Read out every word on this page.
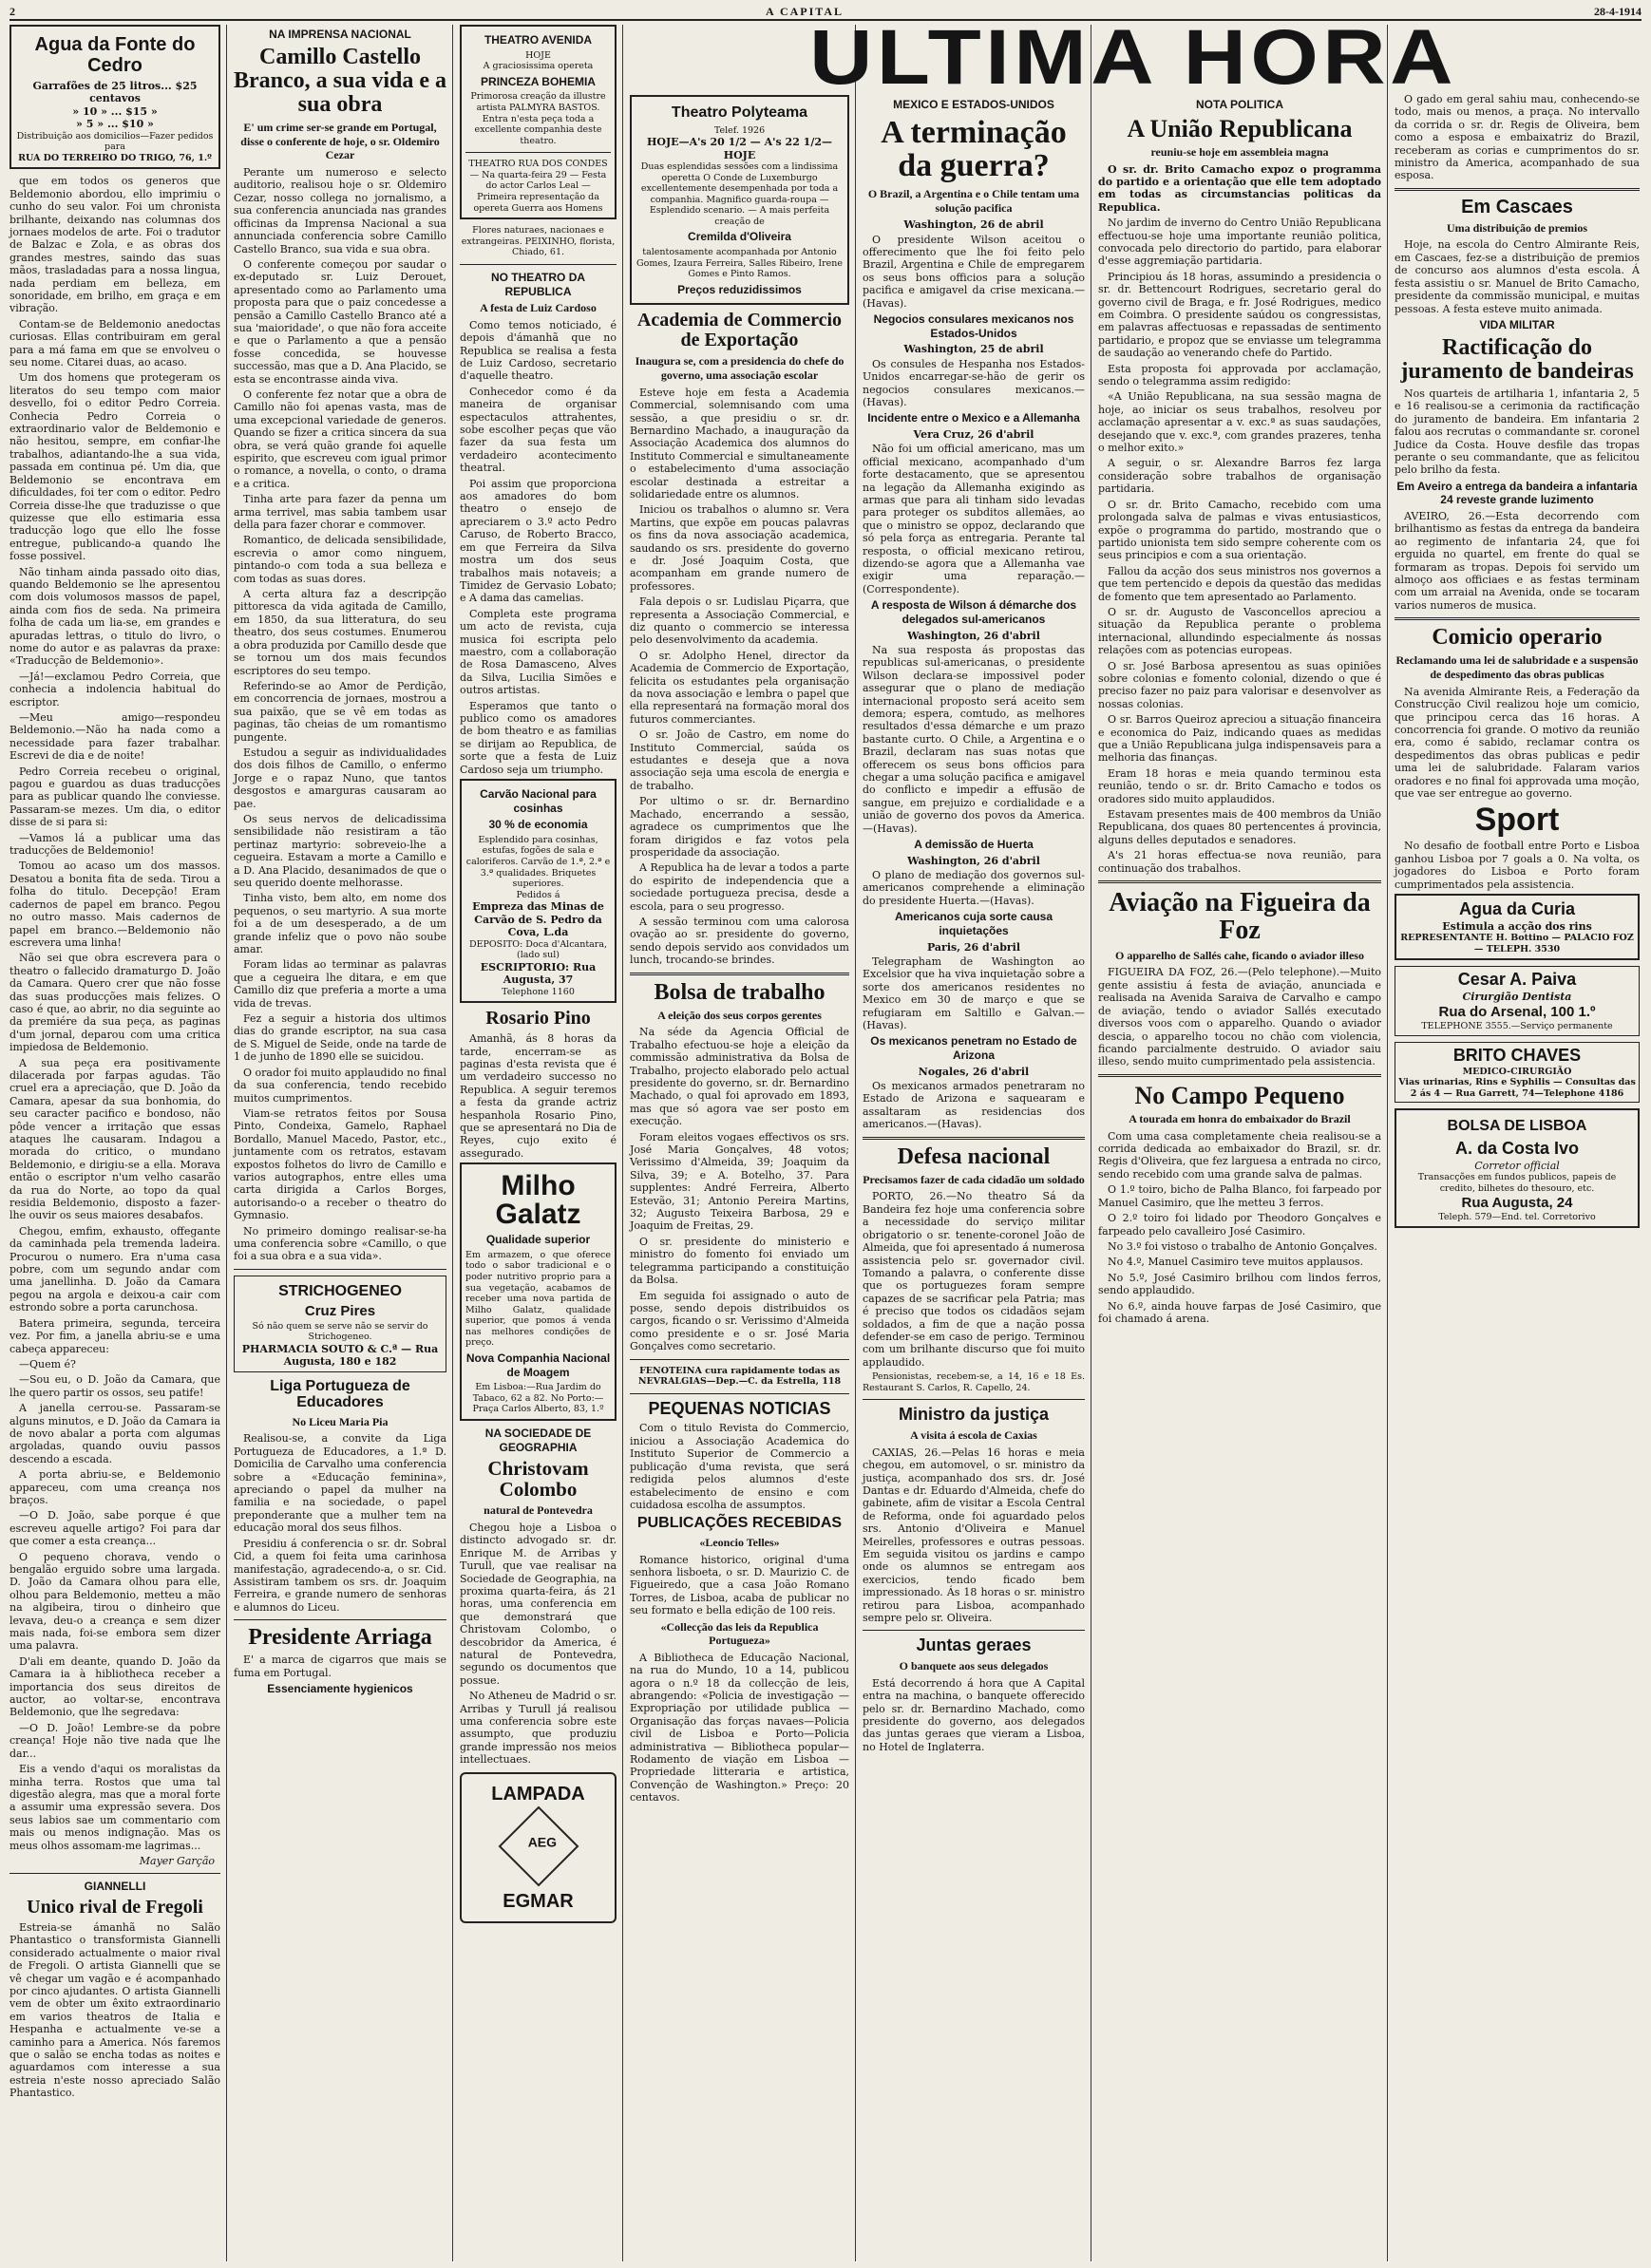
2	A CAPITAL	28-4-1914
Agua da Fonte do Cedro
Garrafões de 25 litros... $25 centavos
» 10 » ... $15 »
» 5 » ... $10 »
Distribuição aos domicilios—Fazer pedidos para
RUA DO TERREIRO DO TRIGO, 76, 1.º

que em todos os generos que Beldemonio abordou, ello imprimiu o cunho do seu valor. Foi um chronista brilhante, deixando nas columnas dos jornaes modelos de arte. Foi o tradutor de Balzac e Zola, e as obras dos grandes mestres, saindo das suas mãos, trasladadas para a nossa lingua, nada perdiam em belleza, em sonoridade, em brilho, em graça e em vibração.

Contam-se de Beldemonio anedoctas curiosas. Ellas contribuiram em geral para a má fama em que se envolveu o seu nome. Citarei duas, ao acaso.

Um dos homens que protegeram os literatos do seu tempo com maior desvello, foi o editor Pedro Correia. Conhecia Pedro Correia o extraordinario valor de Beldemonio e não hesitou, sempre, em confiar-lhe trabalhos, adiantando-lhe a sua vida, passada em continua pé. Um dia, que Beldemonio se encontrava em dificuldades, foi ter com o editor. Pedro Correia disse-lhe que traduzisse o que quizesse que ello estimaria essa traducção logo que ello lhe fosse entregue, publicando-a quando lhe fosse possivel.

Não tinham ainda passado oito dias, quando Beldemonio se lhe apresentou com dois volumosos massos de papel, ainda com fios de seda. Na primeira folha de cada um lia-se, em grandes e apuradas lettras, o titulo do livro, o nome do autor e as palavras da praxe: «Traducção de Beldemonio».

—Já!—exclamou Pedro Correia, que conhecia a indolencia habitual do escriptor.

—Meu amigo—respondeu Beldemonio.—Não ha nada como a necessidade para fazer trabalhar. Escrevi de dia e de noite!

Pedro Correia recebeu o original, pagou e guardou as duas traducções para as publicar quando lhe conviesse. Passaram-se mezes. Um dia, o editor disse de si para si:

—Vamos lá a publicar uma das traducções de Beldemonio!

Tomou ao acaso um dos massos. Desatou a bonita fita de seda. Tirou a folha do titulo. Decepção! Eram cadernos de papel em branco. Pegou no outro masso. Mais cadernos de papel em branco.—Beldemonio não escrevera uma linha!

Não sei que obra escrevera para o theatro o fallecido dramaturgo D. João da Camara. Quero crer que não fosse das suas producções mais felizes. O caso é que, ao abrir, no dia seguinte ao da premiére da sua peça, as paginas d'um jornal, deparou com uma critica impiedosa de Beldemonio.

A sua peça era positivamente dilacerada por farpas agudas. Tão cruel era a apreciação, que D. João da Camara, apesar da sua bonhomia, do seu caracter pacifico e bondoso, não pôde vencer a irritação que essas ataques lhe causaram. Indagou a morada do critico, o mundano Beldemonio, e dirigiu-se a ella. Morava então o escriptor n'um velho casarão da rua do Norte, ao topo da qual residia Beldemonio, disposto a fazer-lhe ouvir os seus maiores desabafos.

Chegou, emfim, exhausto, offegante da caminhada pela tremenda ladeira. Procurou o numero. Era n'uma casa pobre, com um segundo andar com uma janellinha. D. João da Camara pegou na argola e deixou-a cair com estrondo sobre a porta carunchosa.

Batera primeira, segunda, terceira vez. Por fim, a janella abriu-se e uma cabeça appareceu:

—Quem é?

—Sou eu, o D. João da Camara, que lhe quero partir os ossos, seu patife!

A janella cerrou-se. Passaram-se alguns minutos, e D. João da Camara ia de novo abalar a porta com algumas argoladas, quando ouviu passos descendo a escada.

A porta abriu-se, e Beldemonio appareceu, com uma creança nos braços.

—O D. João, sabe porque é que escreveu aquelle artigo? Foi para dar que comer a esta creança...

O pequeno chorava, vendo o bengalão erguido sobre uma largada. D. João da Camara olhou para elle, olhou para Beldemonio, metteu a mão na algibeira, tirou o dinheiro que levava, deu-o a creança e sem dizer mais nada, foi-se embora sem dizer uma palavra.

D'ali em deante, quando D. João da Camara ia à hibliotheca receber a importancia dos seus direitos de auctor, ao voltar-se, encontrava Beldemonio, que lhe segredava:

—O D. João! Lembre-se da pobre creança! Hoje não tive nada que lhe dar...

Eis a vendo d'aqui os moralistas da minha terra. Rostos que uma tal digestão alegra, mas que a moral forte a assumir uma expressão severa. Dos seus labios sae um commentario com mais ou menos indignação. Mas os meus olhos assomam-me lagrimas...

Mayer Garção
GIANNELLI
Unico rival de Fregoli

Estreia-se ámanhã no Salão Phantastico o transformista Giannelli considerado actualmente o maior rival de Fregoli. O artista Giannelli que se vê chegar um vagão e é acompanhado por cinco ajudantes. O artista Giannelli vem de obter um êxito extraordinario em varios theatros de Italia e Hespanha e actualmente ve-se a caminho para a America. Nós faremos que o salão se encha todas as noites e aguardamos com interesse a sua estreia n'este nosso apreciado Salão Phantastico.

NA IMPRENSA NACIONAL
Camillo Castello Branco, a sua vida e a sua obra
E' um crime ser-se grande em Portugal, disse o conferente de hoje, o sr. Oldemiro Cezar

Perante um numeroso e selecto auditorio, realisou hoje o sr. Oldemiro Cezar, nosso collega no jornalismo, a sua conferencia anunciada nas grandes officinas da Imprensa Nacional a sua annunciada conferencia sobre Camillo Castello Branco, sua vida e sua obra.

O conferente começou por saudar o ex-deputado sr. Luiz Derouet, apresentado como ao Parlamento uma proposta para que o paiz concedesse a pensão a Camillo Castello Branco até a sua 'maioridade', o que não fora acceite e que o Parlamento a que a pensão fosse concedida, se houvesse successão, mas que a D. Ana Placido, se esta se encontrasse ainda viva.

O conferente fez notar que a obra de Camillo não foi apenas vasta, mas de uma excepcional variedade de generos. Quando se fizer a critica sincera da sua obra, se verá quão grande foi aquelle espirito, que escreveu com igual primor o romance, a novella, o conto, o drama e a critica.

Tinha arte para fazer da penna um arma terrivel, mas sabia tambem usar della para fazer chorar e commover.

Romantico, de delicada sensibilidade, escrevia o amor como ninguem, pintando-o com toda a sua belleza e com todas as suas dores.

A certa altura faz a descripção pittoresca da vida agitada de Camillo, em 1850, da sua litteratura, do seu theatro, dos seus costumes. Enumerou a obra produzida por Camillo desde que se tornou um dos mais fecundos escriptores do seu tempo.

Referindo-se ao Amor de Perdição, em concorrencia de jornaes, mostrou a sua paixão, que se vê em todas as paginas, tão cheias de um romantismo pungente.

Estudou a seguir as individualidades dos dois filhos de Camillo, o enfermo Jorge e o rapaz Nuno, que tantos desgostos e amarguras causaram ao pae.

Os seus nervos de delicadissima sensibilidade não resistiram a tão pertinaz martyrio: sobreveio-lhe a cegueira. Estavam a morte a Camillo e a D. Ana Placido, desanimados de que o seu querido doente melhorasse.

Tinha visto, bem alto, em nome dos pequenos, o seu martyrio. A sua morte foi a de um desesperado, a de um grande infeliz que o povo não soube amar.

Foram lidas ao terminar as palavras que a cegueira lhe ditara, e em que Camillo diz que preferia a morte a uma vida de trevas.

Fez a seguir a historia dos ultimos dias do grande escriptor, na sua casa de S. Miguel de Seide, onde na tarde de 1 de junho de 1890 elle se suicidou.

O orador foi muito applaudido no final da sua conferencia, tendo recebido muitos cumprimentos.

Viam-se retratos feitos por Sousa Pinto, Condeixa, Gamelo, Raphael Bordallo, Manuel Macedo, Pastor, etc., juntamente com os retratos, estavam expostos folhetos do livro de Camillo e varios autographos, entre elles uma carta dirigida a Carlos Borges, autorisando-o a receber o theatro do Gymnasio.

No primeiro domingo realisar-se-ha uma conferencia sobre «Camillo, o que foi a sua obra e a sua vida».

STRICHOGENEO
Cruz Pires
Só não quem se serve não se servir do Strichogeneo.
PHARMACIA SOUTO & C.ª — Rua Augusta, 180 e 182
Liga Portugueza de Educadores
No Liceu Maria Pia

Realisou-se, a convite da Liga Portugueza de Educadores, a 1.ª D. Domicilia de Carvalho uma conferencia sobre a «Educação feminina», apreciando o papel da mulher na familia e na sociedade, o papel preponderante que a mulher tem na educação moral dos seus filhos.

Presidiu á conferencia o sr. dr. Sobral Cid, a quem foi feita uma carinhosa manifestação, agradecendo-a, o sr. Cid. Assistiram tambem os srs. dr. Joaquim Ferreira, e grande numero de senhoras e alumnos do Liceu.

Presidente Arriaga

E' a marca de cigarros que mais se fuma em Portugal.

Essenciamente hygienicos
THEATRO AVENIDA
HOJE
A graciosissima opereta
PRINCEZA BOHEMIA
Primorosa creação da illustre artista PALMYRA BASTOS. Entra n'esta peça toda a excellente companhia deste theatro.
THEATRO RUA DOS CONDES — Na quarta-feira 29 — Festa do actor Carlos Leal — Primeira representação da opereta Guerra aos Homens
Flores naturaes, nacionaes e extrangeiras. PEIXINHO, florista, Chiado, 61.
NO THEATRO DA REPUBLICA
A festa de Luiz Cardoso

Como temos noticiado, é depois d'ámanhã que no Republica se realisa a festa de Luiz Cardoso, secretario d'aquelle theatro.

Conhecedor como é da maneira de organisar espectaculos attrahentes, sobe escolher peças que vão fazer da sua festa um verdadeiro acontecimento theatral.

Poi assim que proporciona aos amadores do bom theatro o ensejo de apreciarem o 3.º acto Pedro Caruso, de Roberto Bracco, em que Ferreira da Silva mostra um dos seus trabalhos mais notaveis; a Timidez de Gervasio Lobato; e A dama das camelias.

Completa este programa um acto de revista, cuja musica foi escripta pelo maestro, com a collaboração de Rosa Damasceno, Alves da Silva, Lucilia Simões e outros artistas.

Esperamos que tanto o publico como os amadores de bom theatro e as familias se dirijam ao Republica, de sorte que a festa de Luiz Cardoso seja um triumpho.

Carvão Nacional para cosinhas
30 % de economia
Esplendido para cosinhas, estufas, fogões de sala e caloriferos. Carvão de 1.ª, 2.ª e 3.ª qualidades. Briquetes superiores.
Pedidos á
Empreza das Minas de Carvão de S. Pedro da Cova, L.da
DEPOSITO: Doca d'Alcantara, (lado sul)
ESCRIPTORIO: Rua Augusta, 37
Telephone 1160
Rosario Pino

Amanhã, ás 8 horas da tarde, encerram-se as paginas d'esta revista que é um verdadeiro successo no Republica. A seguir teremos a festa da grande actriz hespanhola Rosario Pino, que se apresentará no Dia de Reyes, cujo exito é assegurado.

Milho Galatz
Qualidade superior
Em armazem, o que oferece todo o sabor tradicional e o poder nutritivo proprio para a sua vegetação, acabamos de receber uma nova partida de Milho Galatz, qualidade superior, que pomos á venda nas melhores condições de preço.
Nova Companhia Nacional de Moagem
Em Lisboa:—Rua Jardim do Tabaco, 62 a 82. No Porto:—Praça Carlos Alberto, 83, 1.º
NA SOCIEDADE DE GEOGRAPHIA
Christovam Colombo
natural de Pontevedra

Chegou hoje a Lisboa o distincto advogado sr. dr. Enrique M. de Arribas y Turull, que vae realisar na Sociedade de Geographia, na proxima quarta-feira, ás 21 horas, uma conferencia em que demonstrará que Christovam Colombo, o descobridor da America, é natural de Pontevedra, segundo os documentos que possue.

No Atheneu de Madrid o sr. Arribas y Turull já realisou uma conferencia sobre este assumpto, que produziu grande impressão nos meios intellectuaes.

LAMPADA
AEG
EGMAR
Theatro Polyteama
Telef. 1926
HOJE—A's 20 1/2 — A's 22 1/2—HOJE
Duas esplendidas sessões com a lindissima operetta O Conde de Luxemburgo excellentemente desempenhada por toda a companhia. Magnifico guarda-roupa — Esplendido scenario. — A mais perfeita creação de
Cremilda d'Oliveira
talentosamente acompanhada por Antonio Gomes, Izaura Ferreira, Salles Ribeiro, Irene Gomes e Pinto Ramos.
Preços reduzidissimos
Academia de Commercio de Exportação
Inaugura se, com a presidencia do chefe do governo, uma associação escolar

Esteve hoje em festa a Academia Commercial, solemnisando com uma sessão, a que presidiu o sr. dr. Bernardino Machado, a inauguração da Associação Academica dos alumnos do Instituto Commercial e simultaneamente o estabelecimento d'uma associação escolar destinada a estreitar a solidariedade entre os alumnos.

Iniciou os trabalhos o alumno sr. Vera Martins, que expõe em poucas palavras os fins da nova associação academica, saudando os srs. presidente do governo e dr. José Joaquim Costa, que acompanham em grande numero de professores.

Fala depois o sr. Ludislau Piçarra, que representa a Associação Commercial, e diz quanto o commercio se interessa pelo desenvolvimento da academia.

O sr. Adolpho Henel, director da Academia de Commercio de Exportação, felicita os estudantes pela organisação da nova associação e lembra o papel que ella representará na formação moral dos futuros commerciantes.

O sr. João de Castro, em nome do Instituto Commercial, saúda os estudantes e deseja que a nova associação seja uma escola de energia e de trabalho.

Por ultimo o sr. dr. Bernardino Machado, encerrando a sessão, agradece os cumprimentos que lhe foram dirigidos e faz votos pela prosperidade da associação.

A Republica ha de levar a todos a parte do espirito de independencia que a sociedade portugueza precisa, desde a escola, para o seu progresso.

A sessão terminou com uma calorosa ovação ao sr. presidente do governo, sendo depois servido aos convidados um lunch, trocando-se brindes.

Bolsa de trabalho
A eleição dos seus corpos gerentes

Na séde da Agencia Official de Trabalho efectuou-se hoje a eleição da commissão administrativa da Bolsa de Trabalho, projecto elaborado pelo actual presidente do governo, sr. dr. Bernardino Machado, o qual foi aprovado em 1893, mas que só agora vae ser posto em execução.

Foram eleitos vogaes effectivos os srs. José Maria Gonçalves, 48 votos; Verissimo d'Almeida, 39; Joaquim da Silva, 39; e A. Botelho, 37. Para supplentes: André Ferreira, Alberto Estevão, 31; Antonio Pereira Martins, 32; Augusto Teixeira Barbosa, 29 e Joaquim de Freitas, 29.

O sr. presidente do ministerio e ministro do fomento foi enviado um telegramma participando a constituição da Bolsa.

Em seguida foi assignado o auto de posse, sendo depois distribuidos os cargos, ficando o sr. Verissimo d'Almeida como presidente e o sr. José Maria Gonçalves como secretario.

FENOTEINA cura rapidamente todas as NEVRALGIAS—Dep.—C. da Estrella, 118
PEQUENAS NOTICIAS

Com o titulo Revista do Commercio, iniciou a Associação Academica do Instituto Superior de Commercio a publicação d'uma revista, que será redigida pelos alumnos d'este estabelecimento de ensino e com cuidadosa escolha de assumptos.

PUBLICAÇÕES RECEBIDAS
«Leoncio Telles»

Romance historico, original d'uma senhora lisboeta, o sr. D. Maurizio C. de Figueiredo, que a casa João Romano Torres, de Lisboa, acaba de publicar no seu formato e bella edição de 100 reis.

«Collecção das leis da Republica Portugueza»

A Bibliotheca de Educação Nacional, na rua do Mundo, 10 a 14, publicou agora o n.º 18 da collecção de leis, abrangendo: «Policia de investigação — Expropriação por utilidade publica — Organisação das forças navaes—Policia civil de Lisboa e Porto—Policia administrativa — Bibliotheca popular—Rodamento de viação em Lisboa — Propriedade litteraria e artistica, Convenção de Washington.» Preço: 20 centavos.

ULTIMA HORA
MEXICO E ESTADOS-UNIDOS
A terminação da guerra?
O Brazil, a Argentina e o Chile tentam uma solução pacifica
Washington, 26 de abril

O presidente Wilson aceitou o offerecimento que lhe foi feito pelo Brazil, Argentina e Chile de empregarem os seus bons officios para a solução pacifica e amigavel da crise mexicana.—(Havas).

Negocios consulares mexicanos nos Estados-Unidos
Washington, 25 de abril

Os consules de Hespanha nos Estados-Unidos encarregar-se-hão de gerir os negocios consulares mexicanos.—(Havas).

Incidente entre o Mexico e a Allemanha
Vera Cruz, 26 d'abril

Não foi um official americano, mas um official mexicano, acompanhado d'um forte destacamento, que se apresentou na legação da Allemanha exigindo as armas que para ali tinham sido levadas para proteger os subditos allemães, ao que o ministro se oppoz, declarando que só pela força as entregaria. Perante tal resposta, o official mexicano retirou, dizendo-se agora que a Allemanha vae exigir uma reparação.—(Correspondente).

A resposta de Wilson á démarche dos delegados sul-americanos
Washington, 26 d'abril

Na sua resposta ás propostas das republicas sul-americanas, o presidente Wilson declara-se impossivel poder assegurar que o plano de mediação internacional proposto será aceito sem demora; espera, comtudo, as melhores resultados d'essa démarche e um prazo bastante curto. O Chile, a Argentina e o Brazil, declaram nas suas notas que offerecem os seus bons officios para chegar a uma solução pacifica e amigavel do conflicto e impedir a effusão de sangue, em prejuizo e cordialidade e a união de governo dos povos da America.—(Havas).

A demissão de Huerta
Washington, 26 d'abril

O plano de mediação dos governos sul-americanos comprehende a eliminação do presidente Huerta.—(Havas).

Americanos cuja sorte causa inquietações
Paris, 26 d'abril

Telegrapham de Washington ao Excelsior que ha viva inquietação sobre a sorte dos americanos residentes no Mexico em 30 de março e que se refugiaram em Saltillo e Galvan.—(Havas).

Os mexicanos penetram no Estado de Arizona
Nogales, 26 d'abril

Os mexicanos armados penetraram no Estado de Arizona e saquearam e assaltaram as residencias dos americanos.—(Havas).

Defesa nacional
Precisamos fazer de cada cidadão um soldado

PORTO, 26.—No theatro Sá da Bandeira fez hoje uma conferencia sobre a necessidade do serviço militar obrigatorio o sr. tenente-coronel João de Almeida, que foi apresentado á numerosa assistencia pelo sr. governador civil. Tomando a palavra, o conferente disse que os portuguezes foram sempre capazes de se sacrificar pela Patria; mas é preciso que todos os cidadãos sejam soldados, a fim de que a nação possa defender-se em caso de perigo. Terminou com um brilhante discurso que foi muito applaudido.

Pensionistas, recebem-se, a 14, 16 e 18 Es. Restaurant S. Carlos, R. Capello, 24.

Ministro da justiça
A visita á escola de Caxias

CAXIAS, 26.—Pelas 16 horas e meia chegou, em automovel, o sr. ministro da justiça, acompanhado dos srs. dr. José Dantas e dr. Eduardo d'Almeida, chefe do gabinete, afim de visitar a Escola Central de Reforma, onde foi aguardado pelos srs. Antonio d'Oliveira e Manuel Meirelles, professores e outras pessoas. Em seguida visitou os jardins e campo onde os alumnos se entregam aos exercicios, tendo ficado bem impressionado. Ás 18 horas o sr. ministro retirou para Lisboa, acompanhado sempre pelo sr. Oliveira.

Juntas geraes
O banquete aos seus delegados

Está decorrendo á hora que A Capital entra na machina, o banquete offerecido pelo sr. dr. Bernardino Machado, como presidente do governo, aos delegados das juntas geraes que vieram a Lisboa, no Hotel de Inglaterra.

NOTA POLITICA
A União Republicana
reuniu-se hoje em assembleia magna

O sr. dr. Brito Camacho expoz o programma do partido e a orientação que elle tem adoptado em todas as circumstancias politicas da Republica.

No jardim de inverno do Centro União Republicana effectuou-se hoje uma importante reunião politica, convocada pelo directorio do partido, para elaborar d'esse aggremiação partidaria.

Principiou ás 18 horas, assumindo a presidencia o sr. dr. Bettencourt Rodrigues, secretario geral do governo civil de Braga, e fr. José Rodrigues, medico em Coimbra. O presidente saúdou os congressistas, em palavras affectuosas e repassadas de sentimento partidario, e propoz que se enviasse um telegramma de saudação ao venerando chefe do Partido.

Esta proposta foi approvada por acclamação, sendo o telegramma assim redigido:

«A União Republicana, na sua sessão magna de hoje, ao iniciar os seus trabalhos, resolveu por acclamação apresentar a v. exc.ª as suas saudações, desejando que v. exc.ª, com grandes prazeres, tenha o melhor exito.»

A seguir, o sr. Alexandre Barros fez larga consideração sobre trabalhos de organisação partidaria.

O sr. dr. Brito Camacho, recebido com uma prolongada salva de palmas e vivas entusiasticos, expõe o programma do partido, mostrando que o partido unionista tem sido sempre coherente com os seus principios e com a sua orientação.

Fallou da acção dos seus ministros nos governos a que tem pertencido e depois da questão das medidas de fomento que tem apresentado ao Parlamento.

O sr. dr. Augusto de Vasconcellos apreciou a situação da Republica perante o problema internacional, allundindo especialmente ás nossas relações com as potencias europeas.

O sr. José Barbosa apresentou as suas opiniões sobre colonias e fomento colonial, dizendo o que é preciso fazer no paiz para valorisar e desenvolver as nossas colonias.

O sr. Barros Queiroz apreciou a situação financeira e economica do Paiz, indicando quaes as medidas que a União Republicana julga indispensaveis para a melhoria das finanças.

Eram 18 horas e meia quando terminou esta reunião, tendo o sr. dr. Brito Camacho e todos os oradores sido muito applaudidos.

Estavam presentes mais de 400 membros da União Republicana, dos quaes 80 pertencentes á provincia, alguns delles deputados e senadores.

A's 21 horas effectua-se nova reunião, para continuação dos trabalhos.

Aviação na Figueira da Foz
O apparelho de Sallés cahe, ficando o aviador illeso

FIGUEIRA DA FOZ, 26.—(Pelo telephone).—Muito gente assistiu á festa de aviação, anunciada e realisada na Avenida Saraiva de Carvalho e campo de aviação, tendo o aviador Sallés executado diversos voos com o apparelho. Quando o aviador descia, o apparelho tocou no chão com violencia, ficando parcialmente destruido. O aviador saiu illeso, sendo muito cumprimentado pela assistencia.

No Campo Pequeno
A tourada em honra do embaixador do Brazil

Com uma casa completamente cheia realisou-se a corrida dedicada ao embaixador do Brazil, sr. dr. Regis d'Oliveira, que fez larguesa a entrada no circo, sendo recebido com uma grande salva de palmas.

O 1.º toiro, bicho de Palha Blanco, foi farpeado por Manuel Casimiro, que lhe metteu 3 ferros.

O 2.º toiro foi lidado por Theodoro Gonçalves e farpeado pelo cavalleiro José Casimiro.

No 3.º foi vistoso o trabalho de Antonio Gonçalves.

No 4.º, Manuel Casimiro teve muitos applausos.

No 5.º, José Casimiro brilhou com lindos ferros, sendo applaudido.

No 6.º, ainda houve farpas de José Casimiro, que foi chamado á arena.

O gado em geral sahiu mau, conhecendo-se todo, mais ou menos, a praça. No intervallo da corrida o sr. dr. Regis de Oliveira, bem como a esposa e embaixatriz do Brazil, receberam as corias e cumprimentos do sr. ministro da America, acompanhado de sua esposa.

Em Cascaes
Uma distribuição de premios

Hoje, na escola do Centro Almirante Reis, em Cascaes, fez-se a distribuição de premios de concurso aos alumnos d'esta escola. Á festa assistiu o sr. Manuel de Brito Camacho, presidente da commissão municipal, e muitas pessoas. A festa esteve muito animada.

VIDA MILITAR
Ractificação do juramento de bandeiras

Nos quarteis de artilharia 1, infantaria 2, 5 e 16 realisou-se a cerimonia da ractificação do juramento de bandeira. Em infantaria 2 falou aos recrutas o commandante sr. coronel Judice da Costa. Houve desfile das tropas perante o seu commandante, que as felicitou pelo brilho da festa.

Em Aveiro a entrega da bandeira a infantaria 24 reveste grande luzimento

AVEIRO, 26.—Esta decorrendo com brilhantismo as festas da entrega da bandeira ao regimento de infantaria 24, que foi erguida no quartel, em frente do qual se formaram as tropas. Depois foi servido um almoço aos officiaes e as festas terminam com um arraial na Avenida, onde se tocaram varios numeros de musica.

Comicio operario
Reclamando uma lei de salubridade e a suspensão de despedimento das obras publicas

Na avenida Almirante Reis, a Federação da Construcção Civil realizou hoje um comicio, que principou cerca das 16 horas. A concorrencia foi grande. O motivo da reunião era, como é sabido, reclamar contra os despedimentos das obras publicas e pedir uma lei de salubridade. Falaram varios oradores e no final foi approvada uma moção, que vae ser entregue ao governo.

Sport

No desafio de football entre Porto e Lisboa ganhou Lisboa por 7 goals a 0. Na volta, os jogadores do Lisboa e Porto foram cumprimentados pela assistencia.

Agua da Curia
Estimula a acção dos rins
REPRESENTANTE H. Bottino — PALACIO FOZ — TELEPH. 3530
Cesar A. Paiva
Cirurgião Dentista
Rua do Arsenal, 100 1.º
TELEPHONE 3555.—Serviço permanente
BRITO CHAVES
MEDICO-CIRURGIÃO
Vias urinarias, Rins e Syphilis — Consultas das 2 ás 4 — Rua Garrett, 74—Telephone 4186
BOLSA DE LISBOA
A. da Costa Ivo
Corretor official
Transacções em fundos publicos, papeis de credito, bilhetes do thesouro, etc.
Rua Augusta, 24
Teleph. 579—End. tel. Corretorivo
